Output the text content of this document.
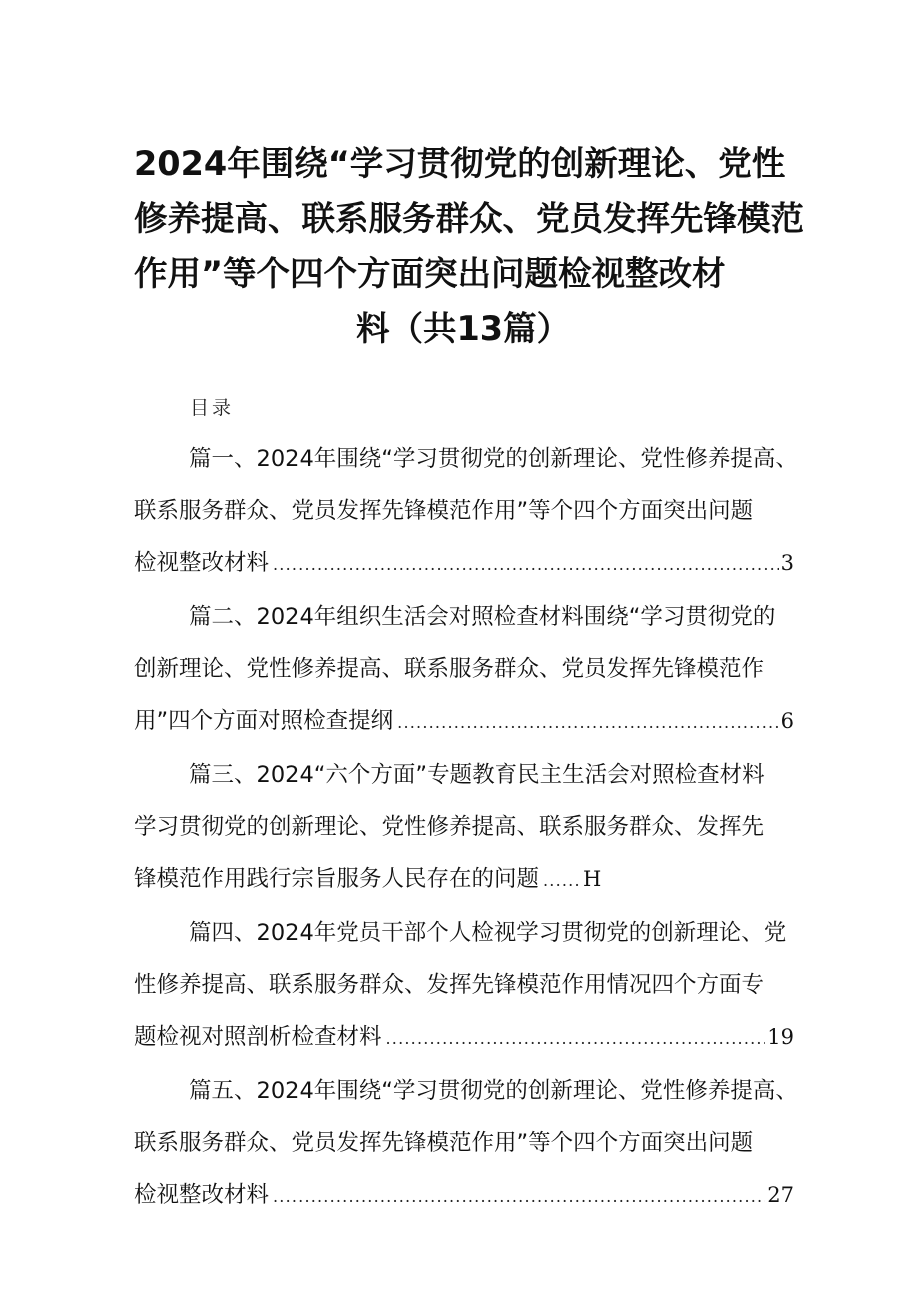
2024年围绕“学习贯彻党的创新理论、党性
修养提高、联系服务群众、党员发挥先锋模范
作用”等个四个方面突出问题检视整改材
料（共13篇）
目录
篇一、2024年围绕“学习贯彻党的创新理论、党性修养提高、
联系服务群众、党员发挥先锋模范作用”等个四个方面突出问题
检视整改材料 .....	3
篇二、2024年组织生活会对照检查材料围绕“学习贯彻党的
创新理论、党性修养提高、联系服务群众、党员发挥先锋模范作
用”四个方面对照检查提纲 .....	6
篇三、2024“六个方面”专题教育民主生活会对照检查材料
学习贯彻党的创新理论、党性修养提高、联系服务群众、发挥先
锋模范作用践行宗旨服务人民存在的问题 ..... H
篇四、2024年党员干部个人检视学习贯彻党的创新理论、党
性修养提高、联系服务群众、发挥先锋模范作用情况四个方面专
题检视对照剖析检查材料 .....	19
篇五、2024年围绕“学习贯彻党的创新理论、党性修养提高、
联系服务群众、党员发挥先锋模范作用”等个四个方面突出问题
检视整改材料 .....	27
